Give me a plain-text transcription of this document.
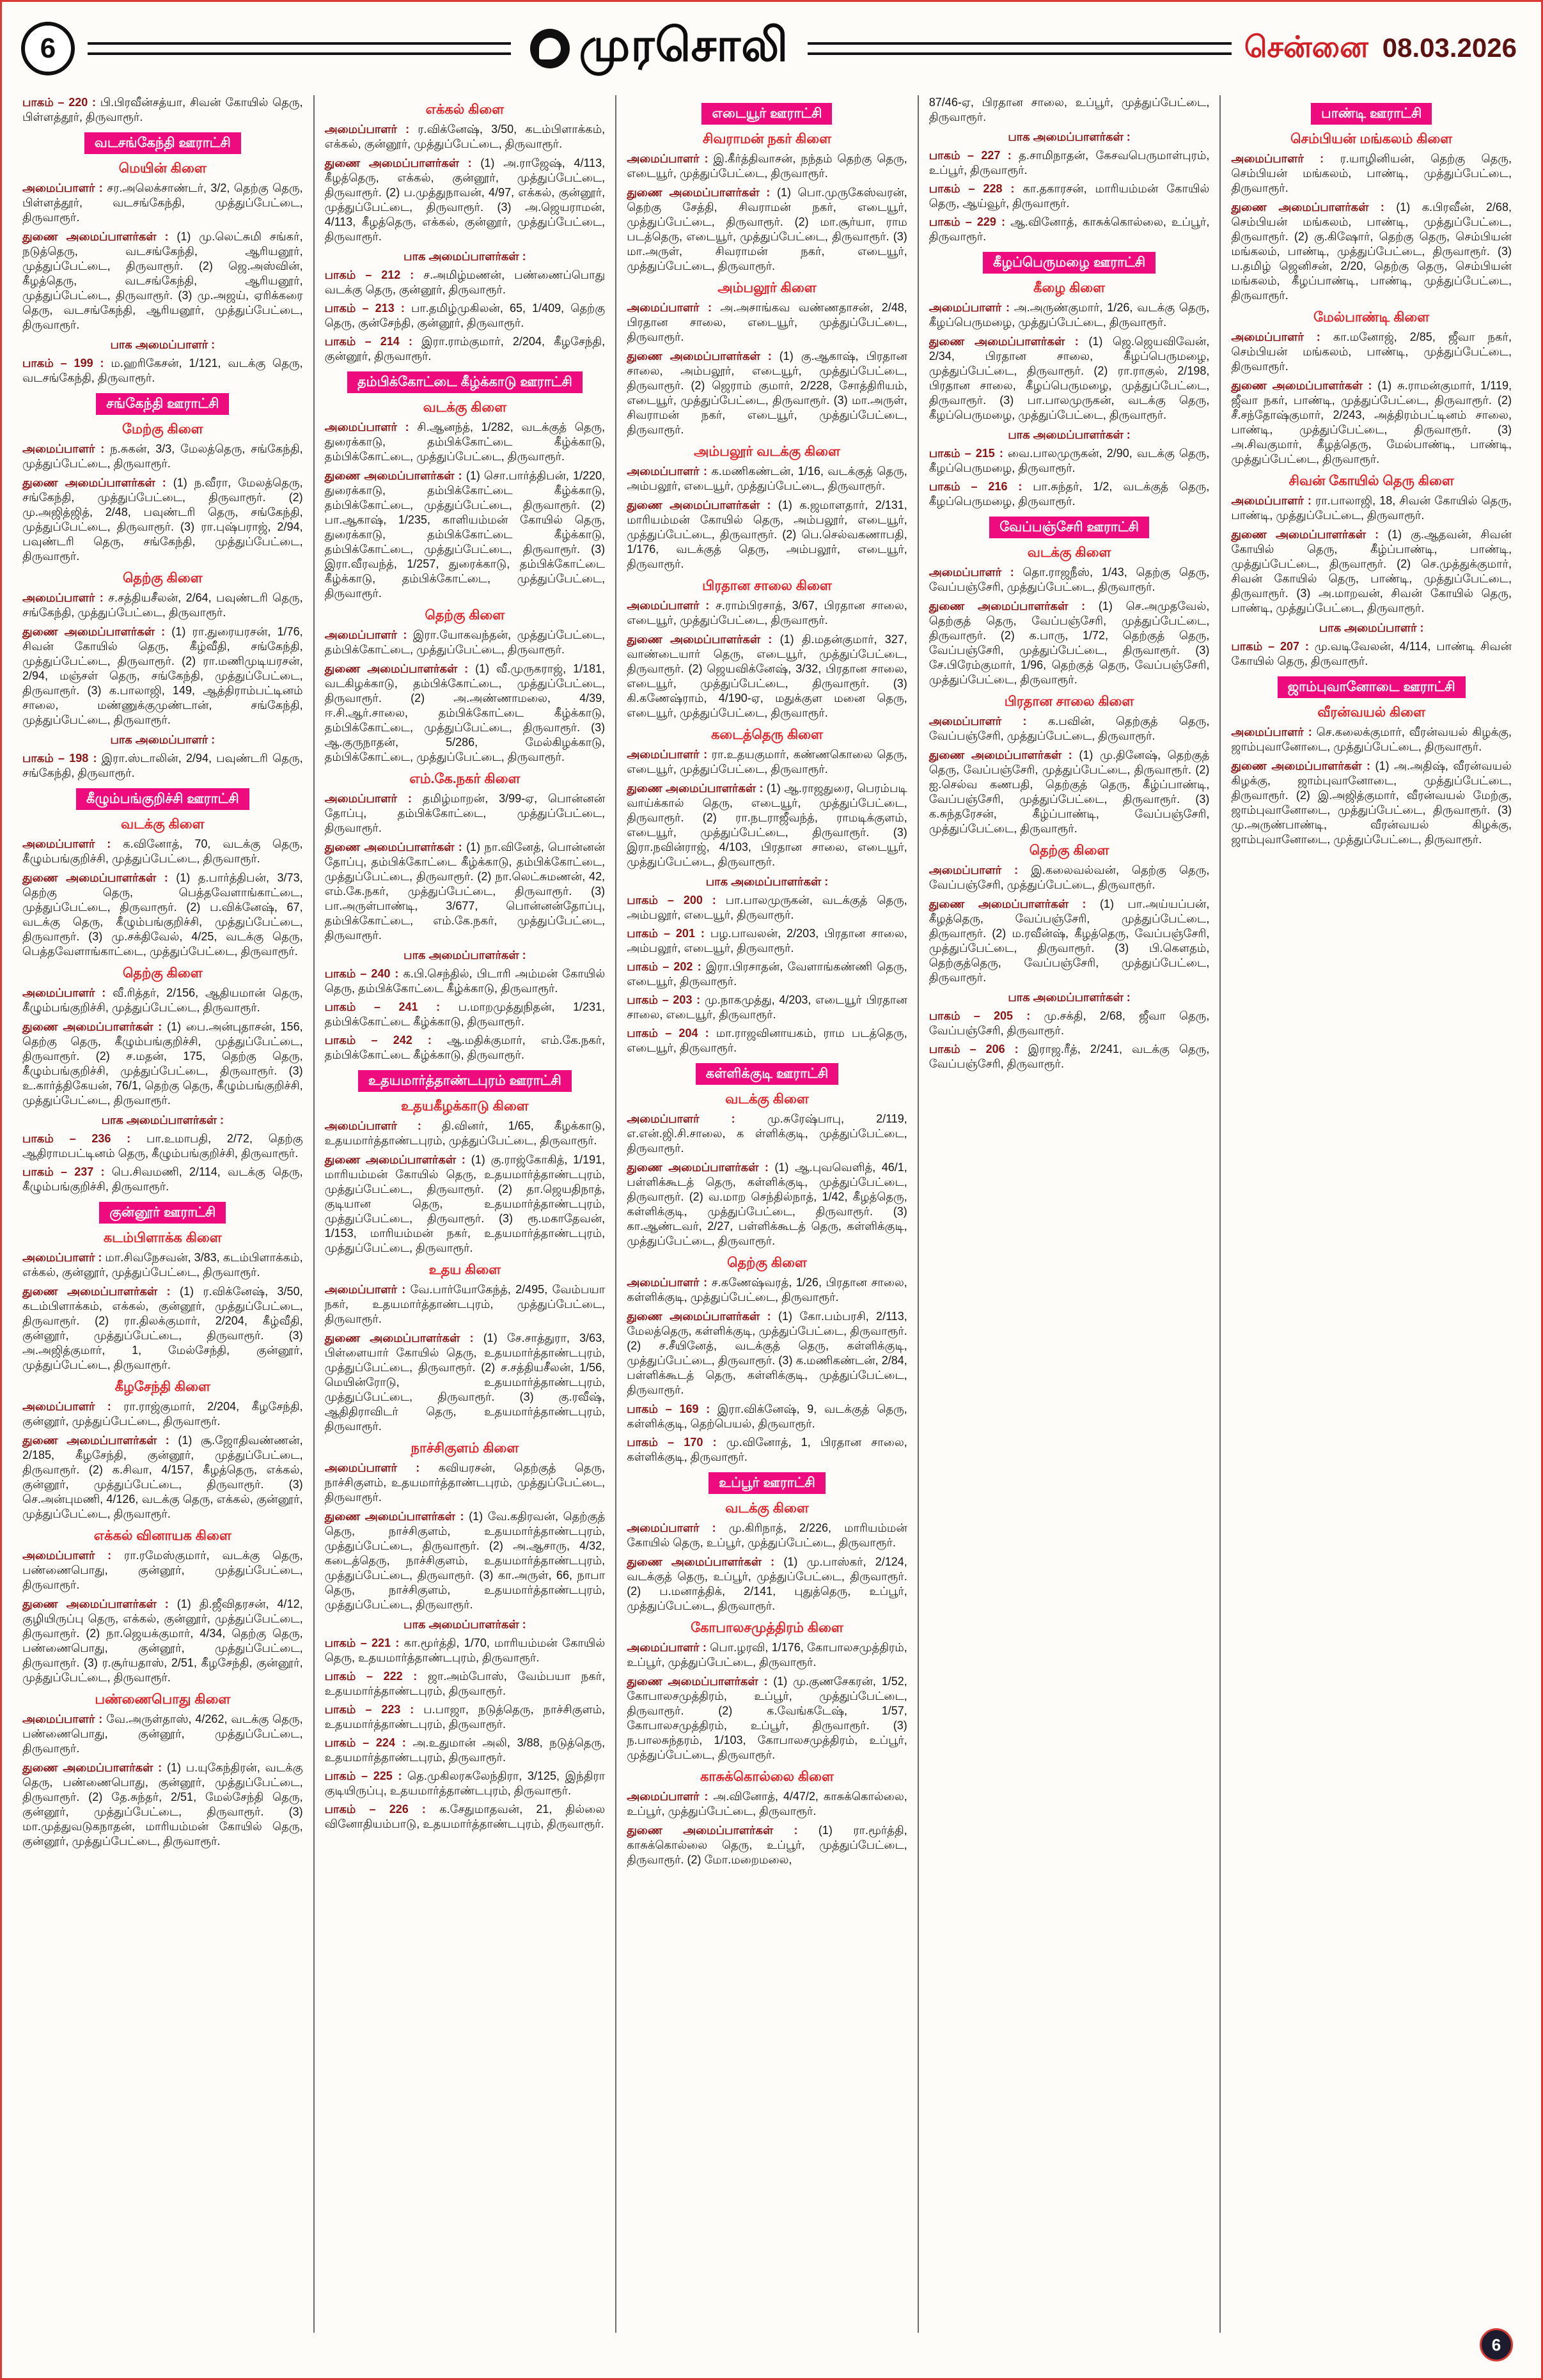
6	முரசொலி	சென்னை 08.03.2026

பாகம் – 220 : பி.பிரவீன்சத்யா, சிவன் கோயில் தெரு, பிள்ளத்தூர், திருவாரூர்.

வடசங்கேந்தி ஊராட்சி
மெயின் கிளை

அமைப்பாளர் : சர.அலெக்சாண்டர், 3/2, தெற்கு தெரு, பிள்ளத்தூர், வடசங்கேந்தி, முத்துப்பேட்டை, திருவாரூர்.

துணை அமைப்பாளர்கள் : (1) மு.லெட்சுமி சங்கர், நடுத்தெரு, வடசங்கேந்தி, ஆரியனூர், முத்துப்பேட்டை, திருவாரூர். (2) ஜெ.அஸ்வின், கீழத்தெரு, வடசங்கேந்தி, ஆரியனூர், முத்துப்பேட்டை, திருவாரூர். (3) மு.அஜய், ஏரிக்கரை தெரு, வடசங்கேந்தி, ஆரியனூர், முத்துப்பேட்டை, திருவாரூர்.

பாக அமைப்பாளர் :

பாகம் – 199 : ம.ஹரிகேசன், 1/121, வடக்கு தெரு, வடசங்கேந்தி, திருவாரூர்.

சங்கேந்தி ஊராட்சி
மேற்கு கிளை

அமைப்பாளர் : ந.சுகன், 3/3, மேலத்தெரு, சங்கேந்தி, முத்துப்பேட்டை, திருவாரூர்.

துணை அமைப்பாளர்கள் : (1) ந.வீரா, மேலத்தெரு, சங்கேந்தி, முத்துப்பேட்டை, திருவாரூர். (2) மு.அஜித்ஜித், 2/48, பவுண்டரி தெரு, சங்கேந்தி, முத்துப்பேட்டை, திருவாரூர். (3) ரா.புஷ்பராஜ், 2/94, பவுண்டரி தெரு, சங்கேந்தி, முத்துப்பேட்டை, திருவாரூர்.

தெற்கு கிளை

அமைப்பாளர் : ச.சத்தியசீலன், 2/64, பவுண்டரி தெரு, சங்கேந்தி, முத்துப்பேட்டை, திருவாரூர்.

துணை அமைப்பாளர்கள் : (1) ரா.துரையரசன், 1/76, சிவன் கோயில் தெரு, கீழ்வீதி, சங்கேந்தி, முத்துப்பேட்டை, திருவாரூர். (2) ரா.மணிமுடியரசன், 2/94, மஞ்சள் தெரு, சங்கேந்தி, முத்துப்பேட்டை, திருவாரூர். (3) க.பாலாஜி, 149, ஆத்திராம்பட்டினம் சாலை, மண்ணுக்குமுண்டான், சங்கேந்தி, முத்துப்பேட்டை, திருவாரூர்.

பாக அமைப்பாளர் :

பாகம் – 198 : இரா.ஸ்டாலின், 2/94, பவுண்டரி தெரு, சங்கேந்தி, திருவாரூர்.

கீழும்பங்குறிச்சி ஊராட்சி
வடக்கு கிளை

அமைப்பாளர் : க.வினோத், 70, வடக்கு தெரு, கீழும்பங்குறிச்சி, முத்துப்பேட்டை, திருவாரூர்.

துணை அமைப்பாளர்கள் : (1) த.பார்த்திபன், 3/73, தெற்கு தெரு, பெத்தவேளாங்காட்டை, முத்துப்பேட்டை, திருவாரூர். (2) ப.விக்னேஷ், 67, வடக்கு தெரு, கீழும்பங்குறிச்சி, முத்துப்பேட்டை, திருவாரூர். (3) மு.சக்திவேல், 4/25, வடக்கு தெரு, பெத்தவேளாங்காட்டை, முத்துப்பேட்டை, திருவாரூர்.

தெற்கு கிளை

அமைப்பாளர் : வீ.ரித்தர், 2/156, ஆதியமான் தெரு, கீழும்பங்குறிச்சி, முத்துப்பேட்டை, திருவாரூர்.

துணை அமைப்பாளர்கள் : (1) பை.அன்புதாசன், 156, தெற்கு தெரு, கீழும்பங்குறிச்சி, முத்துப்பேட்டை, திருவாரூர். (2) ச.மதன், 175, தெற்கு தெரு, கீழும்பங்குறிச்சி, முத்துப்பேட்டை, திருவாரூர். (3) உ.கார்த்திகேயன், 76/1, தெற்கு தெரு, கீழும்பங்குறிச்சி, முத்துப்பேட்டை, திருவாரூர்.

பாக அமைப்பாளர்கள் :

பாகம் – 236 : பா.உமாபதி, 2/72, தெற்கு ஆதிராமபட்டினம் தெரு, கீழும்பங்குறிச்சி, திருவாரூர்.

பாகம் – 237 : பெ.சிவமணி, 2/114, வடக்கு தெரு, கீழும்பங்குறிச்சி, திருவாரூர்.

குன்னூர் ஊராட்சி
கடம்பிளாக்க கிளை

அமைப்பாளர் : மா.சிவநேசவன், 3/83, கடம்பிளாக்கம், எக்கல், குன்னூர், முத்துப்பேட்டை, திருவாரூர்.

துணை அமைப்பாளர்கள் : (1) ர.விக்னேஷ், 3/50, கடம்பிளாக்கம், எக்கல், குன்னூர், முத்துப்பேட்டை, திருவாரூர். (2) ரா.திலக்குமார், 2/204, கீழ்வீதி, குன்னூர், முத்துப்பேட்டை, திருவாரூர். (3) அ.அஜித்குமார், 1, மேல்சேந்தி, குன்னூர், முத்துப்பேட்டை, திருவாரூர்.

கீழசேந்தி கிளை

அமைப்பாளர் : ரா.ராஜ்குமார், 2/204, கீழசேந்தி, குன்னூர், முத்துப்பேட்டை, திருவாரூர்.

துணை அமைப்பாளர்கள் : (1) சூ.ஜோதிவண்ணன், 2/185, கீழசேந்தி, குன்னூர், முத்துப்பேட்டை, திருவாரூர். (2) க.சிவா, 4/157, கீழத்தெரு, எக்கல், குன்னூர், முத்துப்பேட்டை, திருவாரூர். (3) செ.அன்புமணி, 4/126, வடக்கு தெரு, எக்கல், குன்னூர், முத்துப்பேட்டை, திருவாரூர்.

எக்கல் வினாயக கிளை

அமைப்பாளர் : ரா.ரமேஸ்குமார், வடக்கு தெரு, பண்ணைபொது, குன்னூர், முத்துப்பேட்டை, திருவாரூர்.

துணை அமைப்பாளர்கள் : (1) தி.ஜீவிதரசன், 4/12, குழியிருப்பு தெரு, எக்கல், குன்னூர், முத்துப்பேட்டை, திருவாரூர். (2) நா.ஜெயக்குமார், 4/34, தெற்கு தெரு, பண்ணைபொது, குன்னூர், முத்துப்பேட்டை, திருவாரூர். (3) ர.சூர்யதாஸ், 2/51, கீழசேந்தி, குன்னூர், முத்துப்பேட்டை, திருவாரூர்.

பண்ணைபொது கிளை

அமைப்பாளர் : வே.அருள்தாஸ், 4/262, வடக்கு தெரு, பண்ணைபொது, குன்னூர், முத்துப்பேட்டை, திருவாரூர்.

துணை அமைப்பாளர்கள் : (1) ப.யுகேந்திரன், வடக்கு தெரு, பண்ணைபொது, குன்னூர், முத்துப்பேட்டை, திருவாரூர். (2) தே.சுந்தர், 2/51, மேல்சேந்தி தெரு, குன்னூர், முத்துப்பேட்டை, திருவாரூர். (3) மா.முத்துவடுகநாதன், மாரியம்மன் கோயில் தெரு, குன்னூர், முத்துப்பேட்டை, திருவாரூர்.

எக்கல் கிளை

அமைப்பாளர் : ர.விக்னேஷ், 3/50, கடம்பிளாக்கம், எக்கல், குன்னூர், முத்துப்பேட்டை, திருவாரூர்.

துணை அமைப்பாளர்கள் : (1) அ.ராஜேஷ், 4/113, கீழத்தெரு, எக்கல், குன்னூர், முத்துப்பேட்டை, திருவாரூர். (2) ப.முத்துநாவன், 4/97, எக்கல், குன்னூர், முத்துப்பேட்டை, திருவாரூர். (3) அ.ஜெயராமன், 4/113, கீழத்தெரு, எக்கல், குன்னூர், முத்துப்பேட்டை, திருவாரூர்.

பாக அமைப்பாளர்கள் :

பாகம் – 212 : ச.அமிழ்மணன், பண்ணைப்பொது வடக்கு தெரு, குன்னூர், திருவாரூர்.

பாகம் – 213 : பா.தமிழ்முகிலன், 65, 1/409, தெற்கு தெரு, குன்சேந்தி, குன்னூர், திருவாரூர்.

பாகம் – 214 : இரா.ராம்குமார், 2/204, கீழசேந்தி, குன்னூர், திருவாரூர்.

தம்பிக்கோட்டை கீழ்க்காடு ஊராட்சி
வடக்கு கிளை

அமைப்பாளர் : சி.ஆனந்த், 1/282, வடக்குத் தெரு, துரைக்காடு, தம்பிக்கோட்டை கீழ்க்காடு, தம்பிக்கோட்டை, முத்துப்பேட்டை, திருவாரூர்.

துணை அமைப்பாளர்கள் : (1) சொ.பார்த்திபன், 1/220, துரைக்காடு, தம்பிக்கோட்டை கீழ்க்காடு, தம்பிக்கோட்டை, முத்துப்பேட்டை, திருவாரூர். (2) பா.ஆகாஷ், 1/235, காளியம்மன் கோயில் தெரு, துரைக்காடு, தம்பிக்கோட்டை கீழ்க்காடு, தம்பிக்கோட்டை, முத்துப்பேட்டை, திருவாரூர். (3) இரா.வீரவந்த், 1/257, துரைக்காடு, தம்பிக்கோட்டை கீழ்க்காடு, தம்பிக்கோட்டை, முத்துப்பேட்டை, திருவாரூர்.

தெற்கு கிளை

அமைப்பாளர் : இரா.யோகவந்தன், முத்துப்பேட்டை, தம்பிக்கோட்டை, முத்துப்பேட்டை, திருவாரூர்.

துணை அமைப்பாளர்கள் : (1) வீ.முருகராஜ், 1/181, வடகிழக்காடு, தம்பிக்கோட்டை, முத்துப்பேட்டை, திருவாரூர். (2) அ.அண்ணாமலை, 4/39, ஈ.சி.ஆர்.சாலை, தம்பிக்கோட்டை கீழ்க்காடு, தம்பிக்கோட்டை, முத்துப்பேட்டை, திருவாரூர். (3) ஆ.குருநாதன், 5/286, மேல்கிழக்காடு, தம்பிக்கோட்டை, முத்துப்பேட்டை, திருவாரூர்.

எம்.கே.நகர் கிளை

அமைப்பாளர் : தமிழ்மாறன், 3/99-ஏ, பொன்னன் தோப்பு, தம்பிக்கோட்டை, முத்துப்பேட்டை, திருவாரூர்.

துணை அமைப்பாளர்கள் : (1) நா.வினேத், பொன்னன் தோப்பு, தம்பிக்கோட்டை கீழ்க்காடு, தம்பிக்கோட்டை, முத்துப்பேட்டை, திருவாரூர். (2) நா.லெட்சுமணன், 42, எம்.கே.நகர், முத்துப்பேட்டை, திருவாரூர். (3) பா.அருள்பாண்டி, 3/677, பொன்னன்தோப்பு, தம்பிக்கோட்டை, எம்.கே.நகர், முத்துப்பேட்டை, திருவாரூர்.

பாக அமைப்பாளர்கள் :

பாகம் – 240 : க.பி.செந்தில், பிடாரி அம்மன் கோயில் தெரு, தம்பிக்கோட்டை கீழ்க்காடு, திருவாரூர்.

பாகம் – 241 : ப.மாறமுத்துநிதன், 1/231, தம்பிக்கோட்டை கீழ்க்காடு, திருவாரூர்.

பாகம் – 242 : ஆ.மதிக்குமார், எம்.கே.நகர், தம்பிக்கோட்டை கீழ்க்காடு, திருவாரூர்.

உதயமார்த்தாண்டபுரம் ஊராட்சி
உதயகீழக்காடு கிளை

அமைப்பாளர் : தி.வினர், 1/65, கீழக்காடு, உதயமார்த்தாண்டபுரம், முத்துப்பேட்டை, திருவாரூர்.

துணை அமைப்பாளர்கள் : (1) கு.ராஜ்கோகித், 1/191, மாரியம்மன் கோயில் தெரு, உதயமார்த்தாண்டபுரம், முத்துப்பேட்டை, திருவாரூர். (2) தா.ஜெயதிநாத், குடியான தெரு, உதயமார்த்தாண்டபுரம், முத்துப்பேட்டை, திருவாரூர். (3) ரூ.மகாதேவன், 1/153, மாரியம்மன் நகர், உதயமார்த்தாண்டபுரம், முத்துப்பேட்டை, திருவாரூர்.

உதய கிளை

அமைப்பாளர் : வே.பார்யோகேந்த், 2/495, வேம்பயா நகர், உதயமார்த்தாண்டபுரம், முத்துப்பேட்டை, திருவாரூர்.

துணை அமைப்பாளர்கள் : (1) சே.சாத்துரா, 3/63, பிள்ளையார் கோயில் தெரு, உதயமார்த்தாண்டபுரம், முத்துப்பேட்டை, திருவாரூர். (2) ச.சத்தியசீலன், 1/56, மெயின்ரோடு, உதயமார்த்தாண்டபுரம், முத்துப்பேட்டை, திருவாரூர். (3) கு.ரவீஷ், ஆதிதிராவிடர் தெரு, உதயமார்த்தாண்டபுரம், திருவாரூர்.

நாச்சிகுளம் கிளை

அமைப்பாளர் : கவியரசன், தெற்குத் தெரு, நாச்சிகுளம், உதயமார்த்தாண்டபுரம், முத்துப்பேட்டை, திருவாரூர்.

துணை அமைப்பாளர்கள் : (1) வே.கதிரவன், தெற்குத் தெரு, நாச்சிகுளம், உதயமார்த்தாண்டபுரம், முத்துப்பேட்டை, திருவாரூர். (2) அ.ஆசாரு, 4/32, கடைத்தெரு, நாச்சிகுளம், உதயமார்த்தாண்டபுரம், முத்துப்பேட்டை, திருவாரூர். (3) கா.அருள், 66, நாபா தெரு, நாச்சிகுளம், உதயமார்த்தாண்டபுரம், முத்துப்பேட்டை, திருவாரூர்.

பாக அமைப்பாளர்கள் :

பாகம் – 221 : கா.மூர்த்தி, 1/70, மாரியம்மன் கோயில் தெரு, உதயமார்த்தாண்டபுரம், திருவாரூர்.

பாகம் – 222 : ஜா.அம்போஸ், வேம்பயா நகர், உதயமார்த்தாண்டபுரம், திருவாரூர்.

பாகம் – 223 : ப.பாஜா, நடுத்தெரு, நாச்சிகுளம், உதயமார்த்தாண்டபுரம், திருவாரூர்.

பாகம் – 224 : அ.உதுமான் அலி, 3/88, நடுத்தெரு, உதயமார்த்தாண்டபுரம், திருவாரூர்.

பாகம் – 225 : தெ.முகிலரசுலேந்திரா, 3/125, இந்திரா குடியிருப்பு, உதயமார்த்தாண்டபுரம், திருவாரூர்.

பாகம் – 226 : க.சேதுமாதவன், 21, தில்லை வினோதியம்பாடு, உதயமார்த்தாண்டபுரம், திருவாரூர்.

எடையூர் ஊராட்சி
சிவராமன் நகர் கிளை

அமைப்பாளர் : இ.கீர்த்திவாசன், நந்தம் தெற்கு தெரு, எடையூர், முத்துப்பேட்டை, திருவாரூர்.

துணை அமைப்பாளர்கள் : (1) பொ.முருகேஸ்வரன், தெற்கு சேத்தி, சிவராமன் நகர், எடையூர், முத்துப்பேட்டை, திருவாரூர். (2) மா.சூர்யா, ராம படத்தெரு, எடையூர், முத்துப்பேட்டை, திருவாரூர். (3) மா.அருள், சிவராமன் நகர், எடையூர், முத்துப்பேட்டை, திருவாரூர்.

அம்பலூர் கிளை

அமைப்பாளர் : அ.அசாங்கவ வண்ணதாசன், 2/48, பிரதான சாலை, எடையூர், முத்துப்பேட்டை, திருவாரூர்.

துணை அமைப்பாளர்கள் : (1) கு.ஆகாஷ், பிரதான சாலை, அம்பலூர், எடையூர், முத்துப்பேட்டை, திருவாரூர். (2) ஜெராம் குமார், 2/228, சோத்திரியம், எடையூர், முத்துப்பேட்டை, திருவாரூர். (3) மா.அருள், சிவராமன் நகர், எடையூர், முத்துப்பேட்டை, திருவாரூர்.

அம்பலூர் வடக்கு கிளை

அமைப்பாளர் : க.மணிகண்டன், 1/16, வடக்குத் தெரு, அம்பலூர், எடையூர், முத்துப்பேட்டை, திருவாரூர்.

துணை அமைப்பாளர்கள் : (1) க.ஜமாளதார், 2/131, மாரியம்மன் கோயில் தெரு, அம்பலூர், எடையூர், முத்துப்பேட்டை, திருவாரூர். (2) பெ.செல்வகணாபதி, 1/176, வடக்குத் தெரு, அம்பலூர், எடையூர், திருவாரூர்.

பிரதான சாலை கிளை

அமைப்பாளர் : ச.ராம்பிரசாத், 3/67, பிரதான சாலை, எடையூர், முத்துப்பேட்டை, திருவாரூர்.

துணை அமைப்பாளர்கள் : (1) தி.மதன்குமார், 327, வாண்டையார் தெரு, எடையூர், முத்துப்பேட்டை, திருவாரூர். (2) ஜெயவிக்னேஷ், 3/32, பிரதான சாலை, எடையூர், முத்துப்பேட்டை, திருவாரூர். (3) கி.கணேஷ்ராம், 4/190-ஏ, மதுக்குள மனை தெரு, எடையூர், முத்துப்பேட்டை, திருவாரூர்.

கடைத்தெரு கிளை

அமைப்பாளர் : ரா.உதயகுமார், கண்ணகொலை தெரு, எடையூர், முத்துப்பேட்டை, திருவாரூர்.

துணை அமைப்பாளர்கள் : (1) ஆ.ராஜதுரை, பெரம்படி வாய்க்கால் தெரு, எடையூர், முத்துப்பேட்டை, திருவாரூர். (2) ரா.நடராஜீவந்த், ராமடிக்குளம், எடையூர், முத்துப்பேட்டை, திருவாரூர். (3) இரா.நவின்ராஜ், 4/103, பிரதான சாலை, எடையூர், முத்துப்பேட்டை, திருவாரூர்.

பாக அமைப்பாளர்கள் :

பாகம் – 200 : பா.பாலமுருகன், வடக்குத் தெரு, அம்பலூர், எடையூர், திருவாரூர்.

பாகம் – 201 : பழ.பாவலன், 2/203, பிரதான சாலை, அம்பலூர், எடையூர், திருவாரூர்.

பாகம் – 202 : இரா.பிரசாதன், வேளாங்கண்ணி தெரு, எடையூர், திருவாரூர்.

பாகம் – 203 : மு.நாகமுத்து, 4/203, எடையூர் பிரதான சாலை, எடையூர், திருவாரூர்.

பாகம் – 204 : மா.ராஜவினாயகம், ராம படத்தெரு, எடையூர், திருவாரூர்.

கள்ளிக்குடி ஊராட்சி
வடக்கு கிளை

அமைப்பாளர் : மு.சுரேஷ்பாபு, 2/119, எ.என்.ஜி.சி.சாலை, க ள்ளிக்குடி, முத்துப்பேட்டை, திருவாரூர்.

துணை அமைப்பாளர்கள் : (1) ஆ.புவவெளித், 46/1, பள்ளிக்கூடத் தெரு, கள்ளிக்குடி, முத்துப்பேட்டை, திருவாரூர். (2) வ.மாற செந்தில்நாத், 1/42, கீழத்தெரு, கள்ளிக்குடி, முத்துப்பேட்டை, திருவாரூர். (3) கா.ஆண்டவர், 2/27, பள்ளிக்கூடத் தெரு, கள்ளிக்குடி, முத்துப்பேட்டை, திருவாரூர்.

தெற்கு கிளை

அமைப்பாளர் : ச.கணேஷ்வரத், 1/26, பிரதான சாலை, கள்ளிக்குடி, முத்துப்பேட்டை, திருவாரூர்.

துணை அமைப்பாளர்கள் : (1) கோ.பம்பரசி, 2/113, மேலத்தெரு, கள்ளிக்குடி, முத்துப்பேட்டை, திருவாரூர். (2) ச.சீயினேத், வடக்குத் தெரு, கள்ளிக்குடி, முத்துப்பேட்டை, திருவாரூர். (3) க.மணிகண்டன், 2/84, பள்ளிக்கூடத் தெரு, கள்ளிக்குடி, முத்துப்பேட்டை, திருவாரூர்.

பாகம் – 169 : இரா.விக்னேஷ், 9, வடக்குத் தெரு, கள்ளிக்குடி, தெற்பெயல், திருவாரூர்.

பாகம் – 170 : மு.வினோத், 1, பிரதான சாலை, கள்ளிக்குடி, திருவாரூர்.

உப்பூர் ஊராட்சி
வடக்கு கிளை

அமைப்பாளர் : மு.கிரிநாத், 2/226, மாரியம்மன் கோயில் தெரு, உப்பூர், முத்துப்பேட்டை, திருவாரூர்.

துணை அமைப்பாளர்கள் : (1) மு.பாஸ்கர், 2/124, வடக்குத் தெரு, உப்பூர், முத்துப்பேட்டை, திருவாரூர். (2) ப.மனாத்திக், 2/141, புதுத்தெரு, உப்பூர், முத்துப்பேட்டை, திருவாரூர்.

கோபாலசமுத்திரம் கிளை

அமைப்பாளர் : பொ.ழரவி, 1/176, கோபாலசமுத்திரம், உப்பூர், முத்துப்பேட்டை, திருவாரூர்.

துணை அமைப்பாளர்கள் : (1) மு.குணசேகரன், 1/52, கோபாலசமுத்திரம், உப்பூர், முத்துப்பேட்டை, திருவாரூர். (2) க.வேங்கடேஷ், 1/57, கோபாலசமுத்திரம், உப்பூர், திருவாரூர். (3) ந.பாலசுந்தரம், 1/103, கோபாலசமுத்திரம், உப்பூர், முத்துப்பேட்டை, திருவாரூர்.

காசுக்கொல்லை கிளை

அமைப்பாளர் : அ.வினோத், 4/47/2, காசுக்கொல்லை, உப்பூர், முத்துப்பேட்டை, திருவாரூர்.

துணை அமைப்பாளர்கள் : (1) ரா.மூர்த்தி, காசுக்கொல்லை தெரு, உப்பூர், முத்துப்பேட்டை, திருவாரூர். (2) மோ.மறைமலை,

87/46-ஏ, பிரதான சாலை, உப்பூர், முத்துப்பேட்டை, திருவாரூர்.

பாக அமைப்பாளர்கள் :

பாகம் – 227 : த.சாமிநாதன், கேசவபெருமாள்புரம், உப்பூர், திருவாரூர்.

பாகம் – 228 : கா.தகாரசன், மாரியம்மன் கோயில் தெரு, ஆய்வூர், திருவாரூர்.

பாகம் – 229 : ஆ.வினோத், காசுக்கொல்லை, உப்பூர், திருவாரூர்.

கீழப்பெருமழை ஊராட்சி
கீழை கிளை

அமைப்பாளர் : அ.அருண்குமார், 1/26, வடக்கு தெரு, கீழப்பெருமழை, முத்துப்பேட்டை, திருவாரூர்.

துணை அமைப்பாளர்கள் : (1) ஜெ.ஜெயவிவேன், 2/34, பிரதான சாலை, கீழப்பெருமழை, முத்துப்பேட்டை, திருவாரூர். (2) ரா.ராகுல், 2/198, பிரதான சாலை, கீழப்பெருமழை, முத்துப்பேட்டை, திருவாரூர். (3) பா.பாலமுருகன், வடக்கு தெரு, கீழப்பெருமழை, முத்துப்பேட்டை, திருவாரூர்.

பாக அமைப்பாளர்கள் :

பாகம் – 215 : வை.பாலமுருகன், 2/90, வடக்கு தெரு, கீழப்பெருமழை, திருவாரூர்.

பாகம் – 216 : பா.சுந்தர், 1/2, வடக்குத் தெரு, கீழப்பெருமழை, திருவாரூர்.

வேப்பஞ்சேரி ஊராட்சி
வடக்கு கிளை

அமைப்பாளர் : தொ.ராஜநீஸ், 1/43, தெற்கு தெரு, வேப்பஞ்சேரி, முத்துப்பேட்டை, திருவாரூர்.

துணை அமைப்பாளர்கள் : (1) செ.அமுதவேல், தெற்குத் தெரு, வேப்பஞ்சேரி, முத்துப்பேட்டை, திருவாரூர். (2) க.பாரு, 1/72, தெற்குத் தெரு, வேப்பஞ்சேரி, முத்துப்பேட்டை, திருவாரூர். (3) சே.பிரேம்குமார், 1/96, தெற்குத் தெரு, வேப்பஞ்சேரி, முத்துப்பேட்டை, திருவாரூர்.

பிரதான சாலை கிளை

அமைப்பாளர் : க.பவின், தெற்குத் தெரு, வேப்பஞ்சேரி, முத்துப்பேட்டை, திருவாரூர்.

துணை அமைப்பாளர்கள் : (1) மு.தினேஷ், தெற்குத் தெரு, வேப்பஞ்சேரி, முத்துப்பேட்டை, திருவாரூர். (2) ஐ.செல்வ கணபதி, தெற்குத் தெரு, கீழ்ப்பாண்டி, வேப்பஞ்சேரி, முத்துப்பேட்டை, திருவாரூர். (3) க.சுந்தரேசன், கீழ்ப்பாண்டி, வேப்பஞ்சேரி, முத்துப்பேட்டை, திருவாரூர்.

தெற்கு கிளை

அமைப்பாளர் : இ.கலைவல்வன், தெற்கு தெரு, வேப்பஞ்சேரி, முத்துப்பேட்டை, திருவாரூர்.

துணை அமைப்பாளர்கள் : (1) பா.அய்யப்பன், கீழத்தெரு, வேப்பஞ்சேரி, முத்துப்பேட்டை, திருவாரூர். (2) ம.ரவீன்ஷ், கீழத்தெரு, வேப்பஞ்சேரி, முத்துப்பேட்டை, திருவாரூர். (3) பி.கௌதம், தெற்குத்தெரு, வேப்பஞ்சேரி, முத்துப்பேட்டை, திருவாரூர்.

பாக அமைப்பாளர்கள் :

பாகம் – 205 : மு.சக்தி, 2/68, ஜீவா தெரு, வேப்பஞ்சேரி, திருவாரூர்.

பாகம் – 206 : இராஜ.ரீத், 2/241, வடக்கு தெரு, வேப்பஞ்சேரி, திருவாரூர்.

பாண்டி ஊராட்சி
செம்பியன் மங்கலம் கிளை

அமைப்பாளர் : ர.யாழினியன், தெற்கு தெரு, செம்பியன் மங்கலம், பாண்டி, முத்துப்பேட்டை, திருவாரூர்.

துணை அமைப்பாளர்கள் : (1) க.பிரவீன், 2/68, செம்பியன் மங்கலம், பாண்டி, முத்துப்பேட்டை, திருவாரூர். (2) கு.கிஷோர், தெற்கு தெரு, செம்பியன் மங்கலம், பாண்டி, முத்துப்பேட்டை, திருவாரூர். (3) ப.தமிழ் ஜெனிசன், 2/20, தெற்கு தெரு, செம்பியன் மங்கலம், கீழப்பாண்டி, பாண்டி, முத்துப்பேட்டை, திருவாரூர்.

மேல்பாண்டி கிளை

அமைப்பாளர் : கா.மனோஜ், 2/85, ஜீவா நகர், செம்பியன் மங்கலம், பாண்டி, முத்துப்பேட்டை, திருவாரூர்.

துணை அமைப்பாளர்கள் : (1) சு.ராமன்குமார், 1/119, ஜீவா நகர், பாண்டி, முத்துப்பேட்டை, திருவாரூர். (2) சீ.சந்தோஷ்குமார், 2/243, அத்திரம்பட்டினம் சாலை, பாண்டி, முத்துப்பேட்டை, திருவாரூர். (3) அ.சிவகுமார், கீழத்தெரு, மேல்பாண்டி, பாண்டி, முத்துப்பேட்டை, திருவாரூர்.

சிவன் கோயில் தெரு கிளை

அமைப்பாளர் : ரா.பாலாஜி, 18, சிவன் கோயில் தெரு, பாண்டி, முத்துப்பேட்டை, திருவாரூர்.

துணை அமைப்பாளர்கள் : (1) கு.ஆதவன், சிவன் கோயில் தெரு, கீழ்ப்பாண்டி, பாண்டி, முத்துப்பேட்டை, திருவாரூர். (2) செ.முத்துக்குமார், சிவன் கோயில் தெரு, பாண்டி, முத்துப்பேட்டை, திருவாரூர். (3) அ.மாறவன், சிவன் கோயில் தெரு, பாண்டி, முத்துப்பேட்டை, திருவாரூர்.

பாக அமைப்பாளர் :

பாகம் – 207 : மு.வடிவேலன், 4/114, பாண்டி சிவன் கோயில் தெரு, திருவாரூர்.

ஜாம்புவானோடை ஊராட்சி
வீரன்வயல் கிளை

அமைப்பாளர் : செ.கலைக்குமார், வீரன்வயல் கிழக்கு, ஜாம்புவானோடை, முத்துப்பேட்டை, திருவாரூர்.

துணை அமைப்பாளர்கள் : (1) அ.அதிஷ், வீரன்வயல் கிழக்கு, ஜாம்புவானோடை, முத்துப்பேட்டை, திருவாரூர். (2) இ.அஜித்குமார், வீரன்வயல் மேற்கு, ஜாம்புவானோடை, முத்துப்பேட்டை, திருவாரூர். (3) மு.அருண்பாண்டி, வீரன்வயல் கிழக்கு, ஜாம்புவானோடை, முத்துப்பேட்டை, திருவாரூர்.

6
